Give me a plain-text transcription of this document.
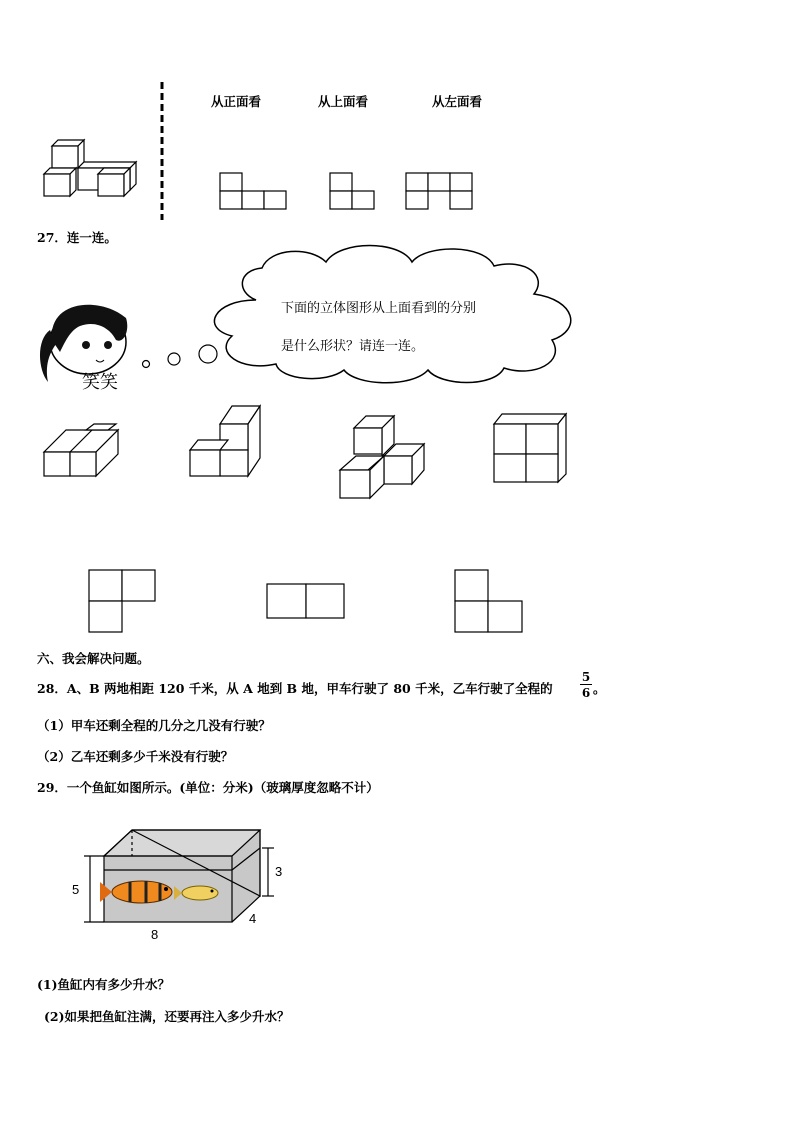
从正面看	从上面看	从左面看
27．连一连。
笑笑
下面的立体图形从上面看到的分别
是什么形状？请连一连。
六、我会解决问题。
28．A、B 两地相距 120 千米，从 A 地到 B 地，甲车行驶了 80 千米，乙车行驶了全程的 $\frac{5}{6}$ 。
（1）甲车还剩全程的几分之几没有行驶？
（2）乙车还剩多少千米没有行驶？
29．一个鱼缸如图所示。(单位：分米)（玻璃厚度忽略不计）
5
3
4
8
(1)鱼缸内有多少升水？
(2)如果把鱼缸注满，还要再注入多少升水？
